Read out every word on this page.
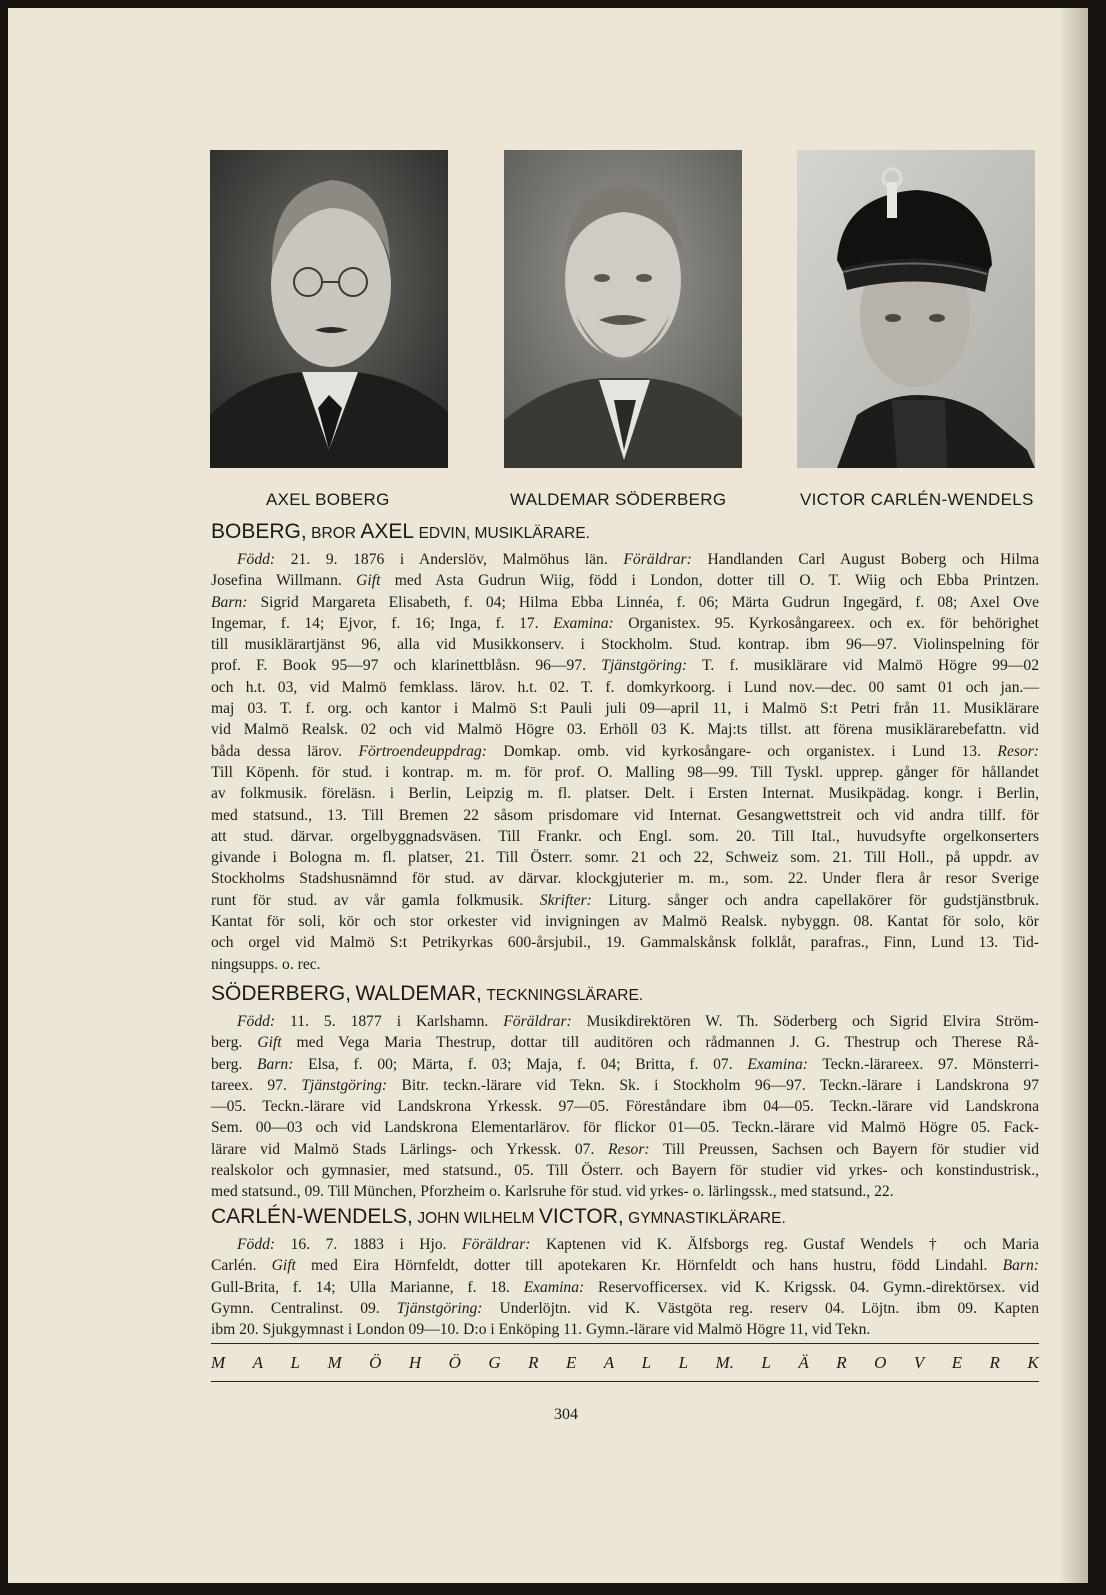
AXEL BOBERG	WALDEMAR SÖDERBERG	VICTOR CARLÉN-WENDELS
BOBERG, BROR AXEL EDVIN, MUSIKLÄRARE.
Född: 21. 9. 1876 i Anderslöv, Malmöhus län. Föräldrar: Handlanden Carl August Boberg och Hilma
Josefina Willmann. Gift med Asta Gudrun Wiig, född i London, dotter till O. T. Wiig och Ebba Printzen.
Barn: Sigrid Margareta Elisabeth, f. 04; Hilma Ebba Linnéa, f. 06; Märta Gudrun Ingegärd, f. 08; Axel Ove
Ingemar, f. 14; Ejvor, f. 16; Inga, f. 17. Examina: Organistex. 95. Kyrkosångareex. och ex. för behörighet
till musiklärartjänst 96, alla vid Musikkonserv. i Stockholm. Stud. kontrap. ibm 96—97. Violinspelning för
prof. F. Book 95—97 och klarinettblåsn. 96—97. Tjänstgöring: T. f. musiklärare vid Malmö Högre 99—02
och h.t. 03, vid Malmö femklass. lärov. h.t. 02. T. f. domkyrkoorg. i Lund nov.—dec. 00 samt 01 och jan.—
maj 03. T. f. org. och kantor i Malmö S:t Pauli juli 09—april 11, i Malmö S:t Petri från 11. Musiklärare
vid Malmö Realsk. 02 och vid Malmö Högre 03. Erhöll 03 K. Maj:ts tillst. att förena musiklärarebefattn. vid
båda dessa lärov. Förtroendeuppdrag: Domkap. omb. vid kyrkosångare- och organistex. i Lund 13. Resor:
Till Köpenh. för stud. i kontrap. m. m. för prof. O. Malling 98—99. Till Tyskl. upprep. gånger för hållandet
av folkmusik. föreläsn. i Berlin, Leipzig m. fl. platser. Delt. i Ersten Internat. Musikpädag. kongr. i Berlin,
med statsund., 13. Till Bremen 22 såsom prisdomare vid Internat. Gesangwettstreit och vid andra tillf. för
att stud. därvar. orgelbyggnadsväsen. Till Frankr. och Engl. som. 20. Till Ital., huvudsyfte orgelkonserters
givande i Bologna m. fl. platser, 21. Till Österr. somr. 21 och 22, Schweiz som. 21. Till Holl., på uppdr. av
Stockholms Stadshusnämnd för stud. av därvar. klockgjuterier m. m., som. 22. Under flera år resor Sverige
runt för stud. av vår gamla folkmusik. Skrifter: Liturg. sånger och andra capellakörer för gudstjänstbruk.
Kantat för soli, kör och stor orkester vid invigningen av Malmö Realsk. nybyggn. 08. Kantat för solo, kör
och orgel vid Malmö S:t Petrikyrkas 600-årsjubil., 19. Gammalskånsk folklåt, parafras., Finn, Lund 13. Tid-
ningsupps. o. rec.
SÖDERBERG, WALDEMAR, TECKNINGSLÄRARE.
Född: 11. 5. 1877 i Karlshamn. Föräldrar: Musikdirektören W. Th. Söderberg och Sigrid Elvira Ström-
berg. Gift med Vega Maria Thestrup, dottar till auditören och rådmannen J. G. Thestrup och Therese Rå-
berg. Barn: Elsa, f. 00; Märta, f. 03; Maja, f. 04; Britta, f. 07. Examina: Teckn.-lärareex. 97. Mönsterri-
tareex. 97. Tjänstgöring: Bitr. teckn.-lärare vid Tekn. Sk. i Stockholm 96—97. Teckn.-lärare i Landskrona 97
—05. Teckn.-lärare vid Landskrona Yrkessk. 97—05. Föreståndare ibm 04—05. Teckn.-lärare vid Landskrona
Sem. 00—03 och vid Landskrona Elementarlärov. för flickor 01—05. Teckn.-lärare vid Malmö Högre 05. Fack-
lärare vid Malmö Stads Lärlings- och Yrkessk. 07. Resor: Till Preussen, Sachsen och Bayern för studier vid
realskolor och gymnasier, med statsund., 05. Till Österr. och Bayern för studier vid yrkes- och konstindustrisk.,
med statsund., 09. Till München, Pforzheim o. Karlsruhe för stud. vid yrkes- o. lärlingssk., med statsund., 22.
CARLÉN-WENDELS, JOHN WILHELM VICTOR, GYMNASTIKLÄRARE.
Född: 16. 7. 1883 i Hjo. Föräldrar: Kaptenen vid K. Älfsborgs reg. Gustaf Wendels † och Maria
Carlén. Gift med Eira Hörnfeldt, dotter till apotekaren Kr. Hörnfeldt och hans hustru, född Lindahl. Barn:
Gull-Brita, f. 14; Ulla Marianne, f. 18. Examina: Reservofficersex. vid K. Krigssk. 04. Gymn.-direktörsex. vid
Gymn. Centralinst. 09. Tjänstgöring: Underlöjtn. vid K. Västgöta reg. reserv 04. Löjtn. ibm 09. Kapten
ibm 20. Sjukgymnast i London 09—10. D:o i Enköping 11. Gymn.-lärare vid Malmö Högre 11, vid Tekn.
M A L M Ö H Ö G R E A L L M. L Ä R O V E R K
304
